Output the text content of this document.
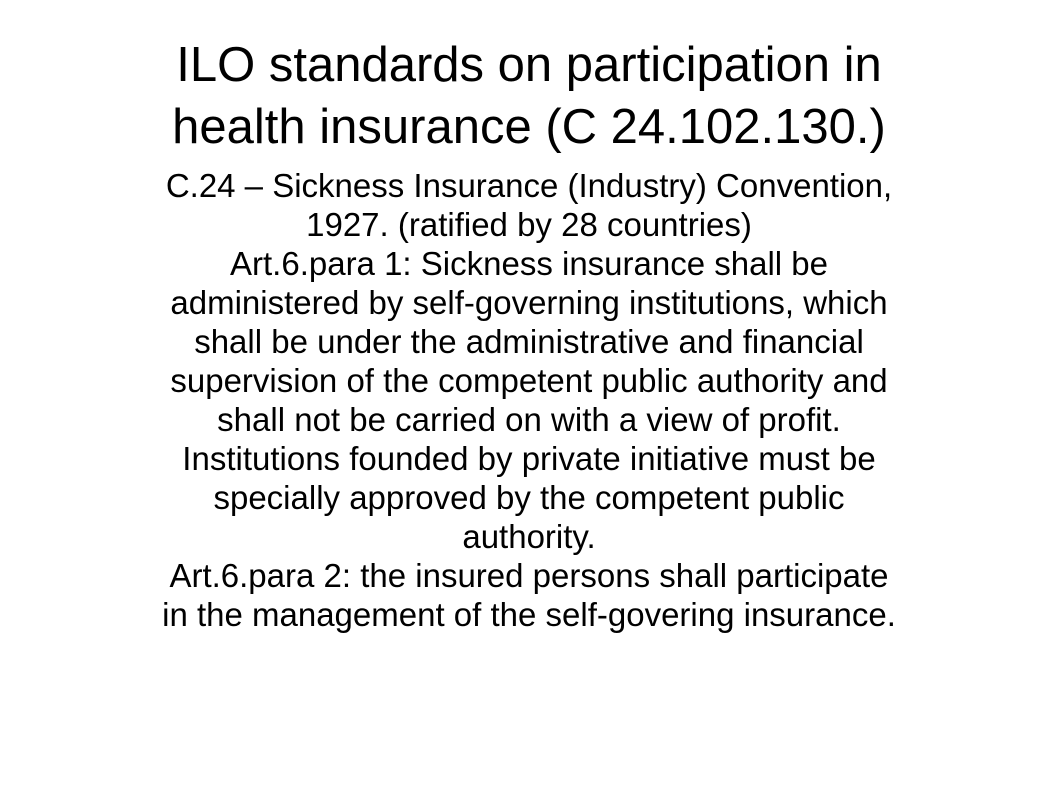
ILO standards on participation in
health insurance (C 24.102.130.)
C.24 – Sickness Insurance (Industry) Convention,
1927. (ratified by 28 countries)
Art.6.para 1: Sickness insurance shall be
administered by self-governing institutions, which
shall be under the administrative and financial
supervision of the competent public authority and
shall not be carried on with a view of profit.
Institutions founded by private initiative must be
specially approved by the competent public
authority.
Art.6.para 2: the insured persons shall participate
in the management of the self-govering insurance.
